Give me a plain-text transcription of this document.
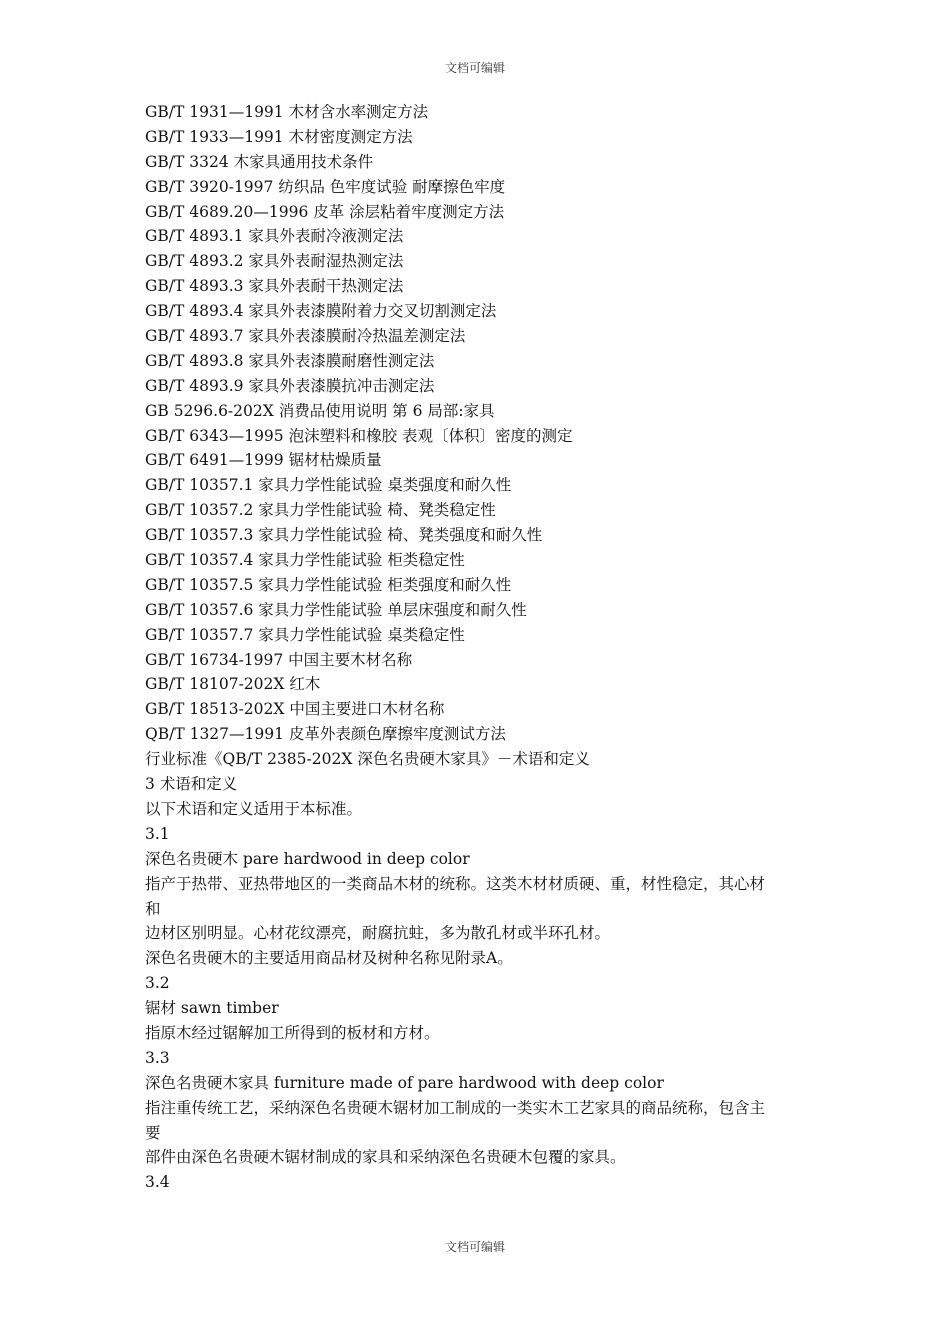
文档可编辑
GB/T 1931—1991 木材含水率测定方法
GB/T 1933—1991 木材密度测定方法
GB/T 3324 木家具通用技术条件
GB/T 3920-1997 纺织品 色牢度试验 耐摩擦色牢度
GB/T 4689.20—1996 皮革 涂层粘着牢度测定方法
GB/T 4893.1 家具外表耐冷液测定法
GB/T 4893.2 家具外表耐湿热测定法
GB/T 4893.3 家具外表耐干热测定法
GB/T 4893.4 家具外表漆膜附着力交叉切割测定法
GB/T 4893.7 家具外表漆膜耐冷热温差测定法
GB/T 4893.8 家具外表漆膜耐磨性测定法
GB/T 4893.9 家具外表漆膜抗冲击测定法
GB 5296.6-202X 消费品使用说明 第 6 局部:家具
GB/T 6343—1995 泡沫塑料和橡胶 表观〔体积〕密度的测定
GB/T 6491—1999 锯材枯燥质量
GB/T 10357.1 家具力学性能试验 桌类强度和耐久性
GB/T 10357.2 家具力学性能试验 椅、凳类稳定性
GB/T 10357.3 家具力学性能试验 椅、凳类强度和耐久性
GB/T 10357.4 家具力学性能试验 柜类稳定性
GB/T 10357.5 家具力学性能试验 柜类强度和耐久性
GB/T 10357.6 家具力学性能试验 单层床强度和耐久性
GB/T 10357.7 家具力学性能试验 桌类稳定性
GB/T 16734-1997 中国主要木材名称
GB/T 18107-202X 红木
GB/T 18513-202X 中国主要进口木材名称
QB/T 1327—1991 皮革外表颜色摩擦牢度测试方法
行业标准《QB/T 2385-202X 深色名贵硬木家具》－术语和定义
3 术语和定义
以下术语和定义适用于本标准。
3.1
深色名贵硬木 pare hardwood in deep color
指产于热带、亚热带地区的一类商品木材的统称。这类木材材质硬、重，材性稳定，其心材
和
边材区别明显。心材花纹漂亮，耐腐抗蛀，多为散孔材或半环孔材。
深色名贵硬木的主要适用商品材及树种名称见附录A。
3.2
锯材 sawn timber
指原木经过锯解加工所得到的板材和方材。
3.3
深色名贵硬木家具 furniture made of pare hardwood with deep color
指注重传统工艺，采纳深色名贵硬木锯材加工制成的一类实木工艺家具的商品统称，包含主
要
部件由深色名贵硬木锯材制成的家具和采纳深色名贵硬木包覆的家具。
3.4
文档可编辑
